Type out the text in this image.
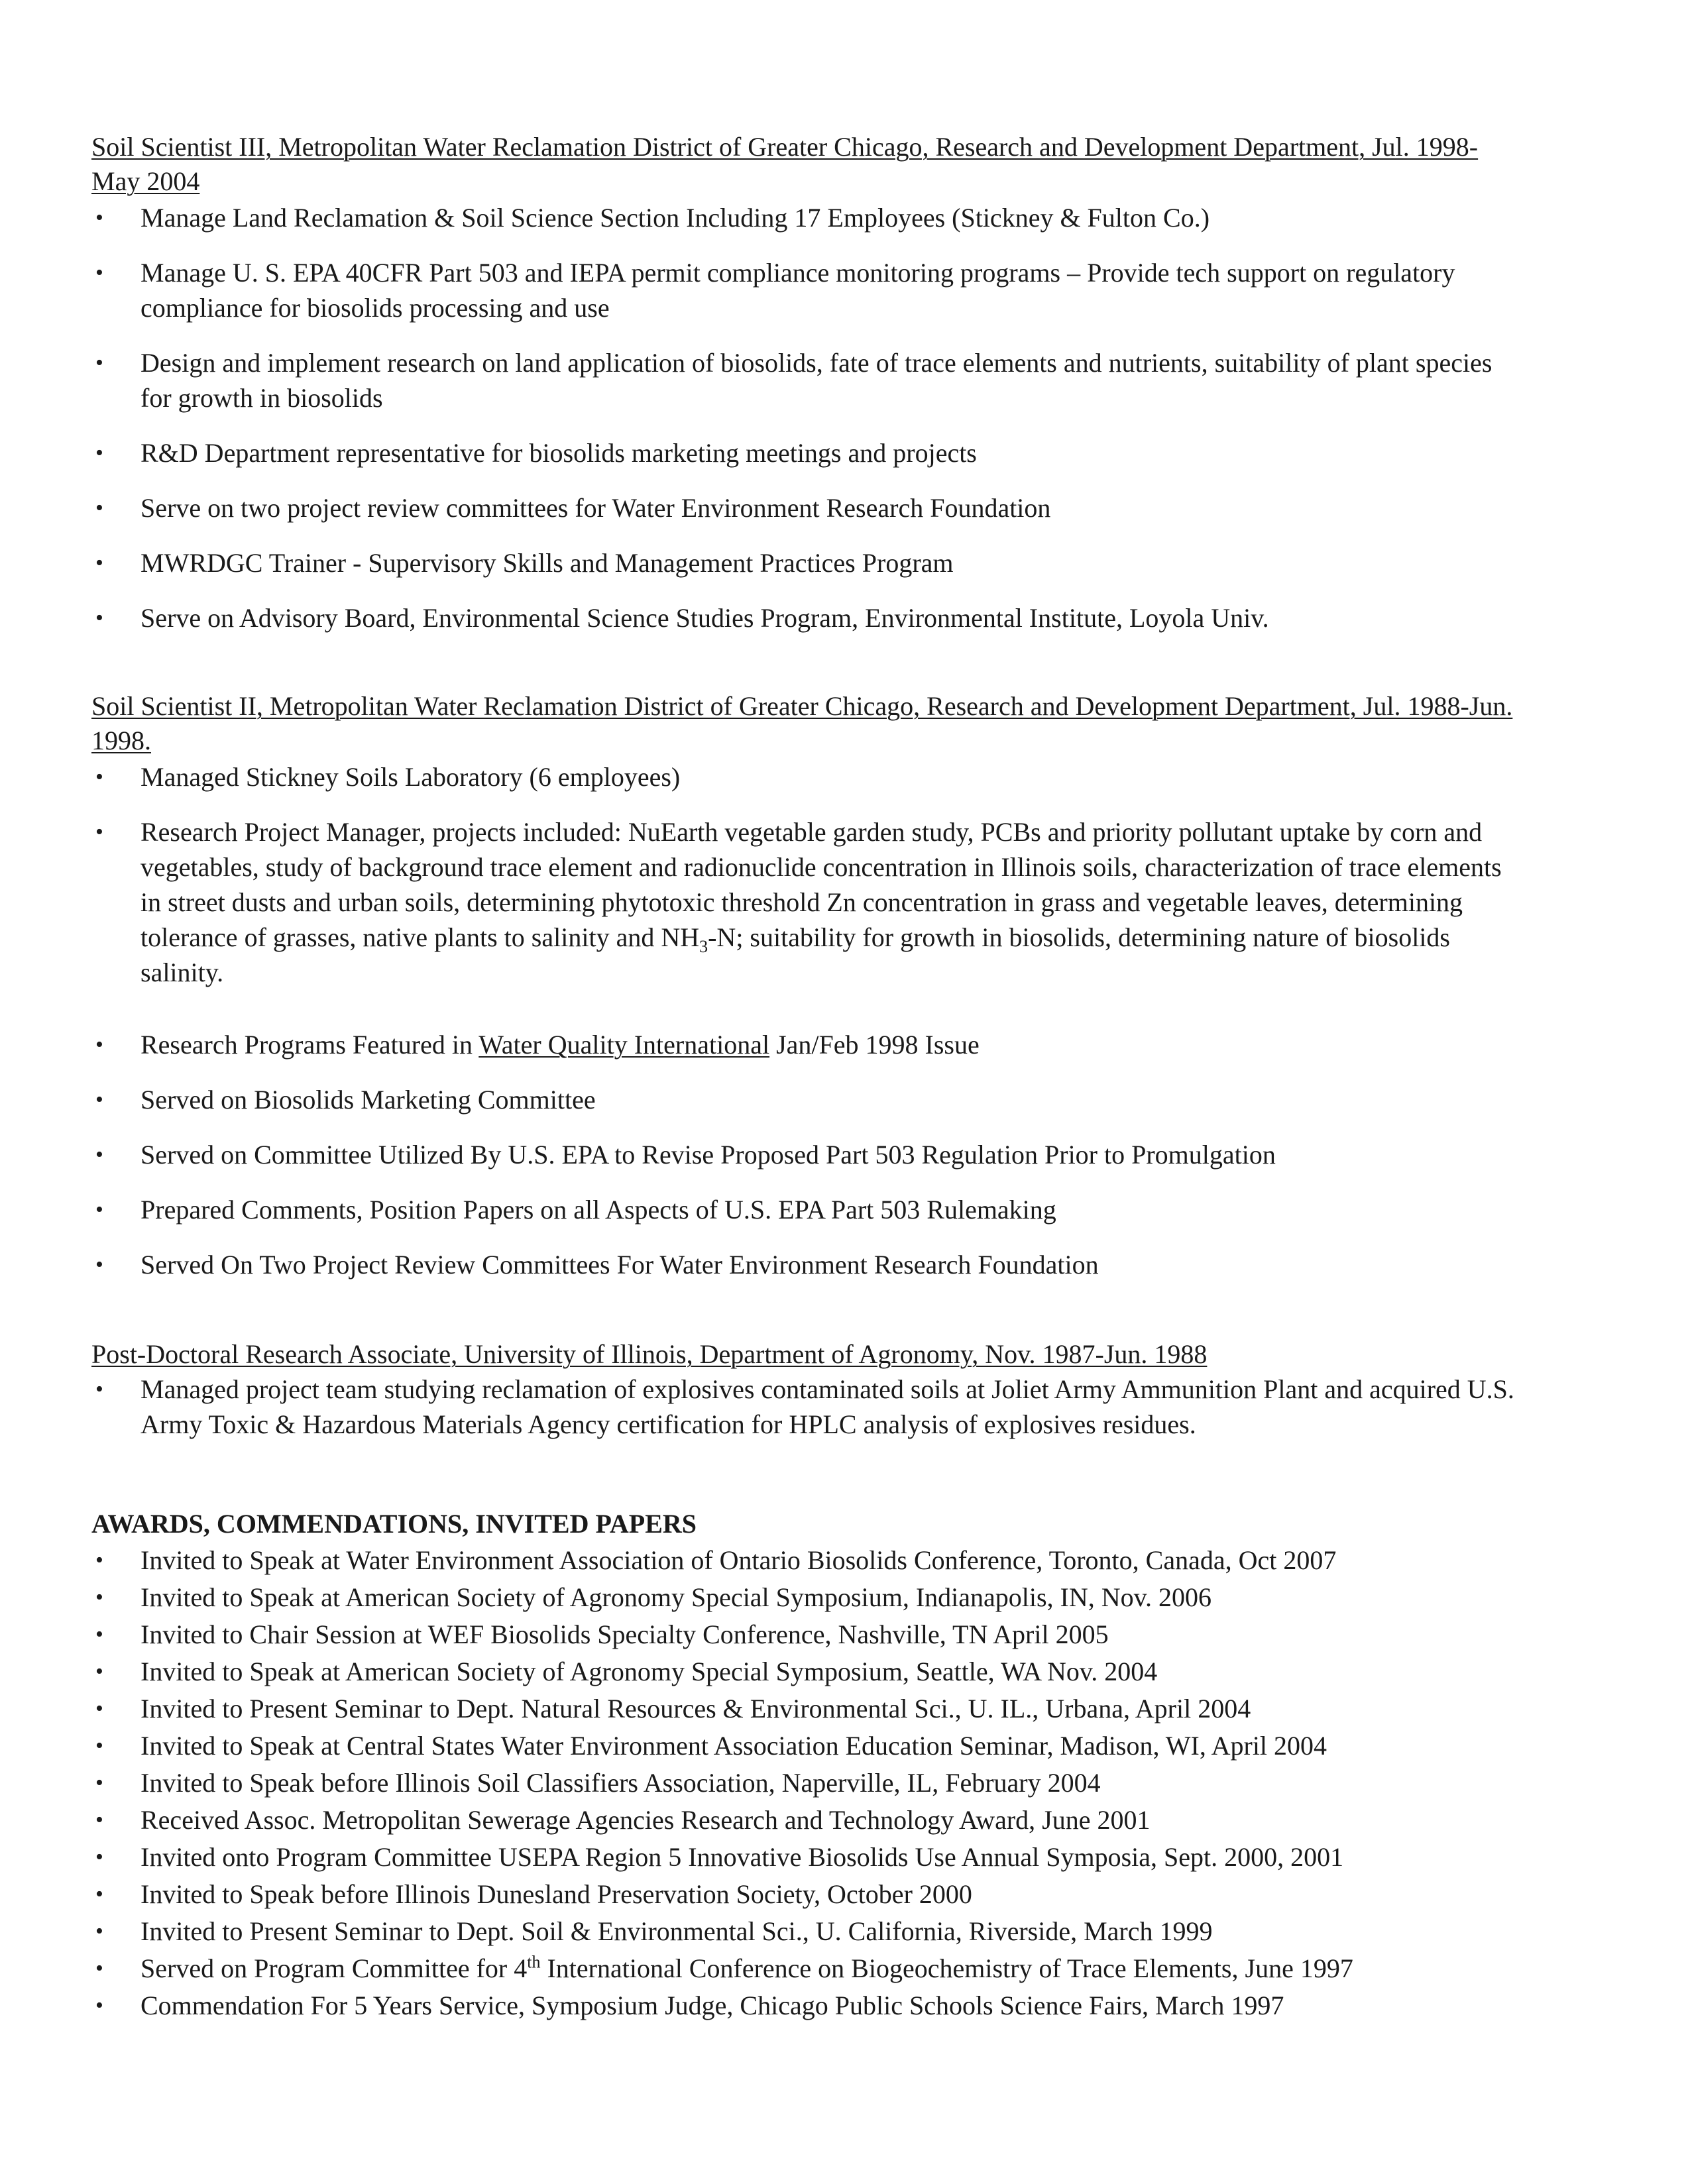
Soil Scientist III, Metropolitan Water Reclamation District of Greater Chicago, Research and Development Department, Jul. 1998-May 2004

• Manage Land Reclamation & Soil Science Section Including 17 Employees (Stickney & Fulton Co.)
• Manage U. S. EPA 40CFR Part 503 and IEPA permit compliance monitoring programs – Provide tech support on regulatory compliance for biosolids processing and use
• Design and implement research on land application of biosolids, fate of trace elements and nutrients, suitability of plant species for growth in biosolids
• R&D Department representative for biosolids marketing meetings and projects
• Serve on two project review committees for Water Environment Research Foundation
• MWRDGC Trainer - Supervisory Skills and Management Practices Program
• Serve on Advisory Board, Environmental Science Studies Program, Environmental Institute, Loyola Univ.

Soil Scientist II, Metropolitan Water Reclamation District of Greater Chicago, Research and Development Department, Jul. 1988-Jun. 1998.

• Managed Stickney Soils Laboratory (6 employees)
• Research Project Manager, projects included: NuEarth vegetable garden study, PCBs and priority pollutant uptake by corn and vegetables, study of background trace element and radionuclide concentration in Illinois soils, characterization of trace elements in street dusts and urban soils, determining phytotoxic threshold Zn concentration in grass and vegetable leaves, determining tolerance of grasses, native plants to salinity and $NH_3-N$; suitability for growth in biosolids, determining nature of biosolids salinity.
• Research Programs Featured in Water Quality International Jan/Feb 1998 Issue
• Served on Biosolids Marketing Committee
• Served on Committee Utilized By U.S. EPA to Revise Proposed Part 503 Regulation Prior to Promulgation
• Prepared Comments, Position Papers on all Aspects of U.S. EPA Part 503 Rulemaking
• Served On Two Project Review Committees For Water Environment Research Foundation

Post-Doctoral Research Associate, University of Illinois, Department of Agronomy, Nov. 1987-Jun. 1988

• Managed project team studying reclamation of explosives contaminated soils at Joliet Army Ammunition Plant and acquired U.S. Army Toxic & Hazardous Materials Agency certification for HPLC analysis of explosives residues.

AWARDS, COMMENDATIONS, INVITED PAPERS

• Invited to Speak at Water Environment Association of Ontario Biosolids Conference, Toronto, Canada, Oct 2007
• Invited to Speak at American Society of Agronomy Special Symposium, Indianapolis, IN, Nov. 2006
• Invited to Chair Session at WEF Biosolids Specialty Conference, Nashville, TN April 2005
• Invited to Speak at American Society of Agronomy Special Symposium, Seattle, WA Nov. 2004
• Invited to Present Seminar to Dept. Natural Resources & Environmental Sci., U. IL., Urbana, April 2004
• Invited to Speak at Central States Water Environment Association Education Seminar, Madison, WI, April 2004
• Invited to Speak before Illinois Soil Classifiers Association, Naperville, IL, February 2004
• Received Assoc. Metropolitan Sewerage Agencies Research and Technology Award, June 2001
• Invited onto Program Committee USEPA Region 5 Innovative Biosolids Use Annual Symposia, Sept. 2000, 2001
• Invited to Speak before Illinois Dunesland Preservation Society, October 2000
• Invited to Present Seminar to Dept. Soil & Environmental Sci., U. California, Riverside, March 1999
• Served on Program Committee for 4th International Conference on Biogeochemistry of Trace Elements, June 1997
• Commendation For 5 Years Service, Symposium Judge, Chicago Public Schools Science Fairs, March 1997
